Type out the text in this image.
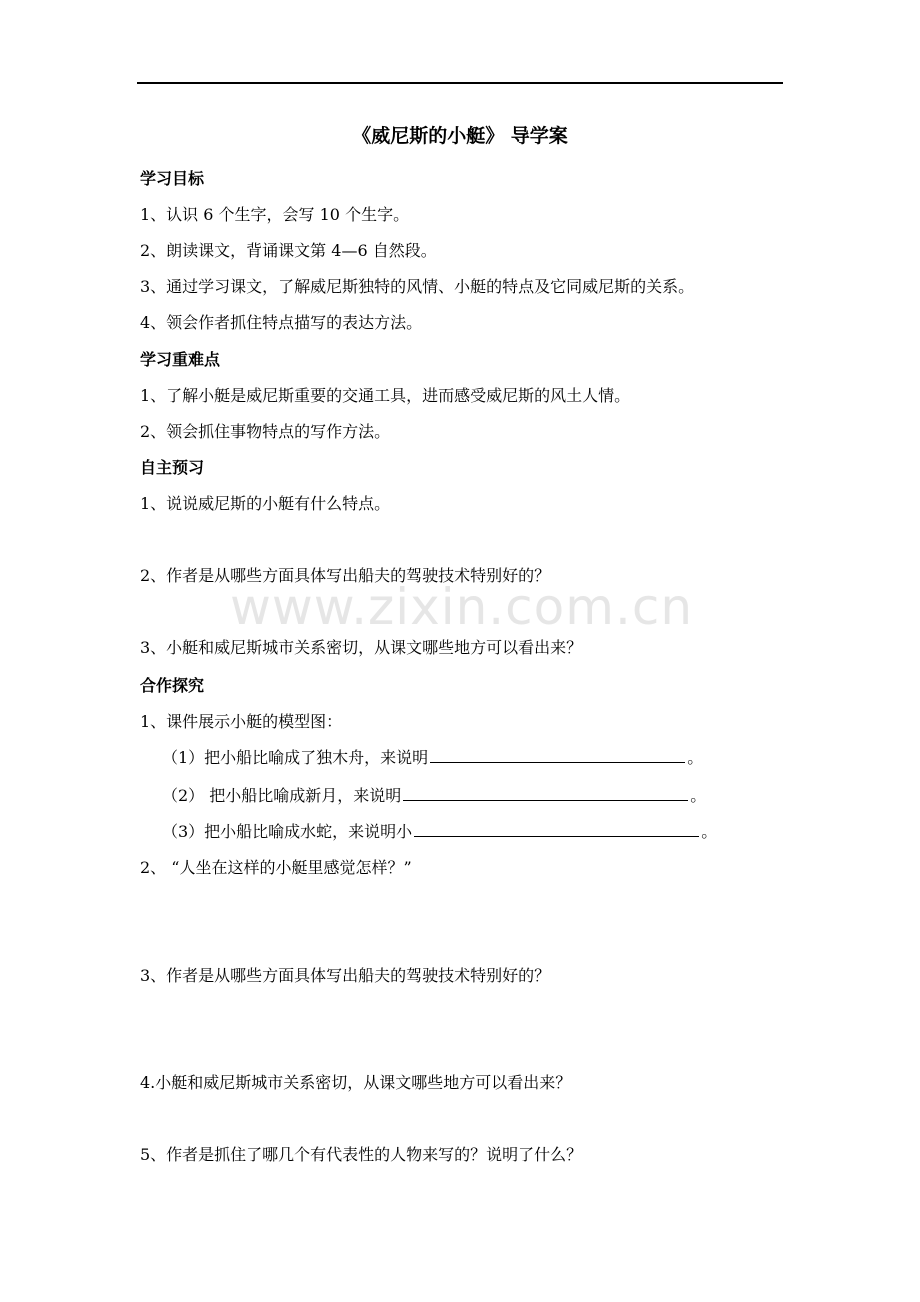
www.zixin.com.cn
《威尼斯的小艇》 导学案
学习目标
1、认识 6 个生字，会写 10 个生字。
2、朗读课文，背诵课文第 4—6 自然段。
3、通过学习课文，了解威尼斯独特的风情、小艇的特点及它同威尼斯的关系。
4、领会作者抓住特点描写的表达方法。
学习重难点
1、了解小艇是威尼斯重要的交通工具，进而感受威尼斯的风土人情。
2、领会抓住事物特点的写作方法。
自主预习
1、说说威尼斯的小艇有什么特点。
2、作者是从哪些方面具体写出船夫的驾驶技术特别好的？
3、小艇和威尼斯城市关系密切，从课文哪些地方可以看出来？
合作探究
1、课件展示小艇的模型图：
（1）把小船比喻成了独木舟，来说明	。
（2） 把小船比喻成新月，来说明	。
（3）把小船比喻成水蛇，来说明小	。
2、 “人坐在这样的小艇里感觉怎样？”
3、作者是从哪些方面具体写出船夫的驾驶技术特别好的？
4.小艇和威尼斯城市关系密切，从课文哪些地方可以看出来？
5、作者是抓住了哪几个有代表性的人物来写的？说明了什么？
